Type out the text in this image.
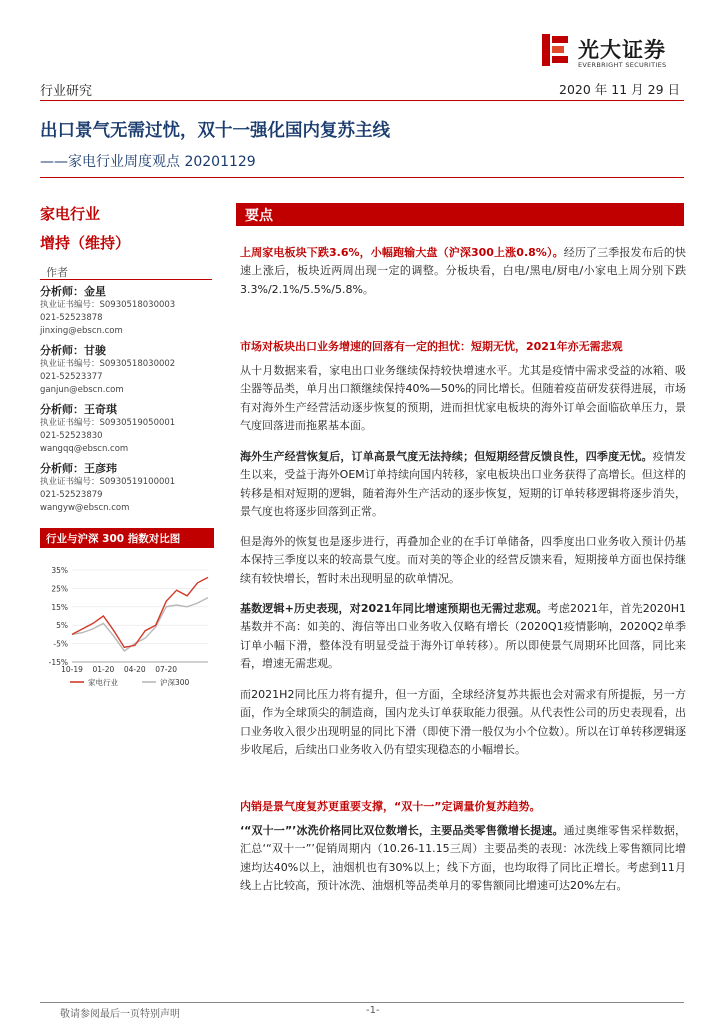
光大证券
EVERBRIGHT SECURITIES
行业研究	2020 年 11 月 29 日
出口景气无需过忧，双十一强化国内复苏主线
——家电行业周度观点 20201129
家电行业
增持（维持）
作者
分析师：金星
执业证书编号：S0930518030003
021-52523878
jinxing@ebscn.com
分析师：甘骏
执业证书编号：S0930518030002
021-52523377
ganjun@ebscn.com
分析师：王奇琪
执业证书编号：S0930519050001
021-52523830
wangqq@ebscn.com
分析师：王彦玮
执业证书编号：S0930519100001
021-52523879
wangyw@ebscn.com
行业与沪深 300 指数对比图
35%
25%
15%
5%
-5%
-15%
10-19 01-20 04-20 07-20
家电行业	沪深300
要点
上周家电板块下跌3.6%，小幅跑输大盘（沪深300上涨0.8%）。经历了三季报发布后的快速上涨后，板块近两周出现一定的调整。分板块看，白电/黑电/厨电/小家电上周分别下跌3.3%/2.1%/5.5%/5.8%。
市场对板块出口业务增速的回落有一定的担忧：短期无忧，2021年亦无需悲观
从十月数据来看，家电出口业务继续保持较快增速水平。尤其是疫情中需求受益的冰箱、吸尘器等品类，单月出口额继续保持40%—50%的同比增长。但随着疫苗研发获得进展，市场有对海外生产经营活动逐步恢复的预期，进而担忧家电板块的海外订单会面临砍单压力，景气度回落进而拖累基本面。
海外生产经营恢复后，订单高景气度无法持续；但短期经营反馈良性，四季度无忧。疫情发生以来，受益于海外OEM订单持续向国内转移，家电板块出口业务获得了高增长。但这样的转移是相对短期的逻辑，随着海外生产活动的逐步恢复，短期的订单转移逻辑将逐步消失，景气度也将逐步回落到正常。
但是海外的恢复也是逐步进行，再叠加企业的在手订单储备，四季度出口业务收入预计仍基本保持三季度以来的较高景气度。而对美的等企业的经营反馈来看，短期接单方面也保持继续有较快增长，暂时未出现明显的砍单情况。
基数逻辑+历史表现，对2021年同比增速预期也无需过悲观。考虑2021年，首先2020H1基数并不高：如美的、海信等出口业务收入仅略有增长（2020Q1疫情影响，2020Q2单季订单小幅下滑，整体没有明显受益于海外订单转移）。所以即使景气周期环比回落，同比来看，增速无需悲观。
而2021H2同比压力将有提升，但一方面，全球经济复苏共振也会对需求有所提振，另一方面，作为全球顶尖的制造商，国内龙头订单获取能力很强。从代表性公司的历史表现看，出口业务收入很少出现明显的同比下滑（即使下滑一般仅为小个位数）。所以在订单转移逻辑逐步收尾后，后续出口业务收入仍有望实现稳态的小幅增长。
内销是景气度复苏更重要支撑，“双十一”定调量价复苏趋势。
‘“双十一”’冰洗价格同比双位数增长，主要品类零售微增长提速。通过奥维零售采样数据，汇总‘“双十一”’促销周期内（10.26-11.15三周）主要品类的表现：冰洗线上零售额同比增速均达40%以上，油烟机也有30%以上；线下方面，也均取得了同比正增长。考虑到11月线上占比较高，预计冰洗、油烟机等品类单月的零售额同比增速可达20%左右。
敬请参阅最后一页特别声明	-1-
